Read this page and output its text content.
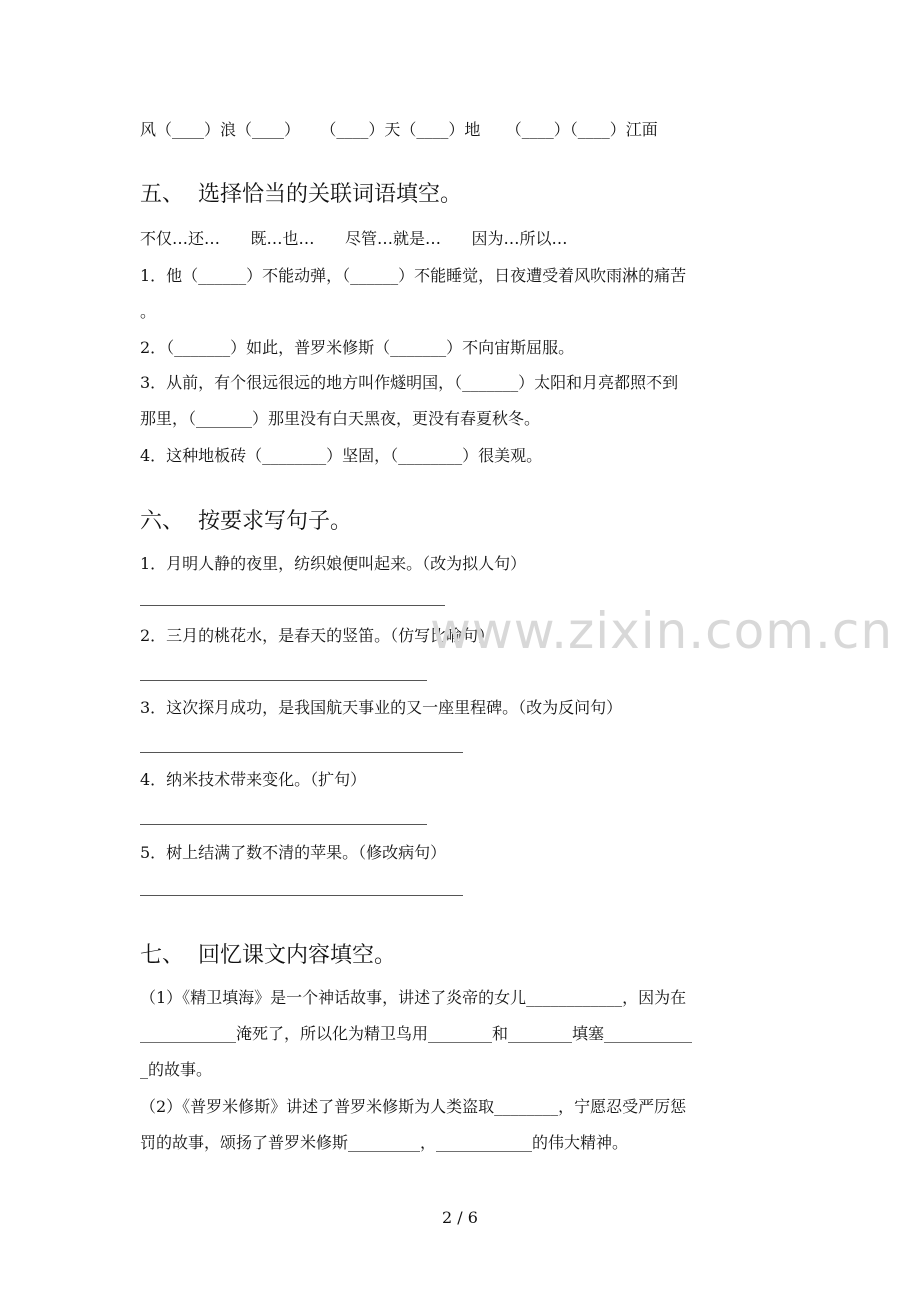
风（____）浪（____）    （____）天（____）地     （____）（____）江面
五、  选择恰当的关联词语填空。
不仅…还…      既…也…      尽管…就是…      因为…所以…
1．他（______）不能动弹，（______）不能睡觉，日夜遭受着风吹雨淋的痛苦
。
2．（_______）如此，普罗米修斯（_______）不向宙斯屈服。
3．从前，有个很远很远的地方叫作燧明国，（_______）太阳和月亮都照不到
那里，（_______）那里没有白天黑夜，更没有春夏秋冬。
4．这种地板砖（________）坚固，（________）很美观。
六、  按要求写句子。
1．月明人静的夜里，纺织娘便叫起来。（改为拟人句）
2．三月的桃花水，是春天的竖笛。（仿写比喻句）
3．这次探月成功，是我国航天事业的又一座里程碑。（改为反问句）
4．纳米技术带来变化。（扩句）
5．树上结满了数不清的苹果。（修改病句）
七、  回忆课文内容填空。
（1）《精卫填海》是一个神话故事，讲述了炎帝的女儿____________，因为在
____________淹死了，所以化为精卫鸟用________和________填塞___________
_的故事。
（2）《普罗米修斯》讲述了普罗米修斯为人类盗取________，宁愿忍受严厉惩
罚的故事，颂扬了普罗米修斯_________，____________的伟大精神。
www.zixin.com.cn
2 / 6
